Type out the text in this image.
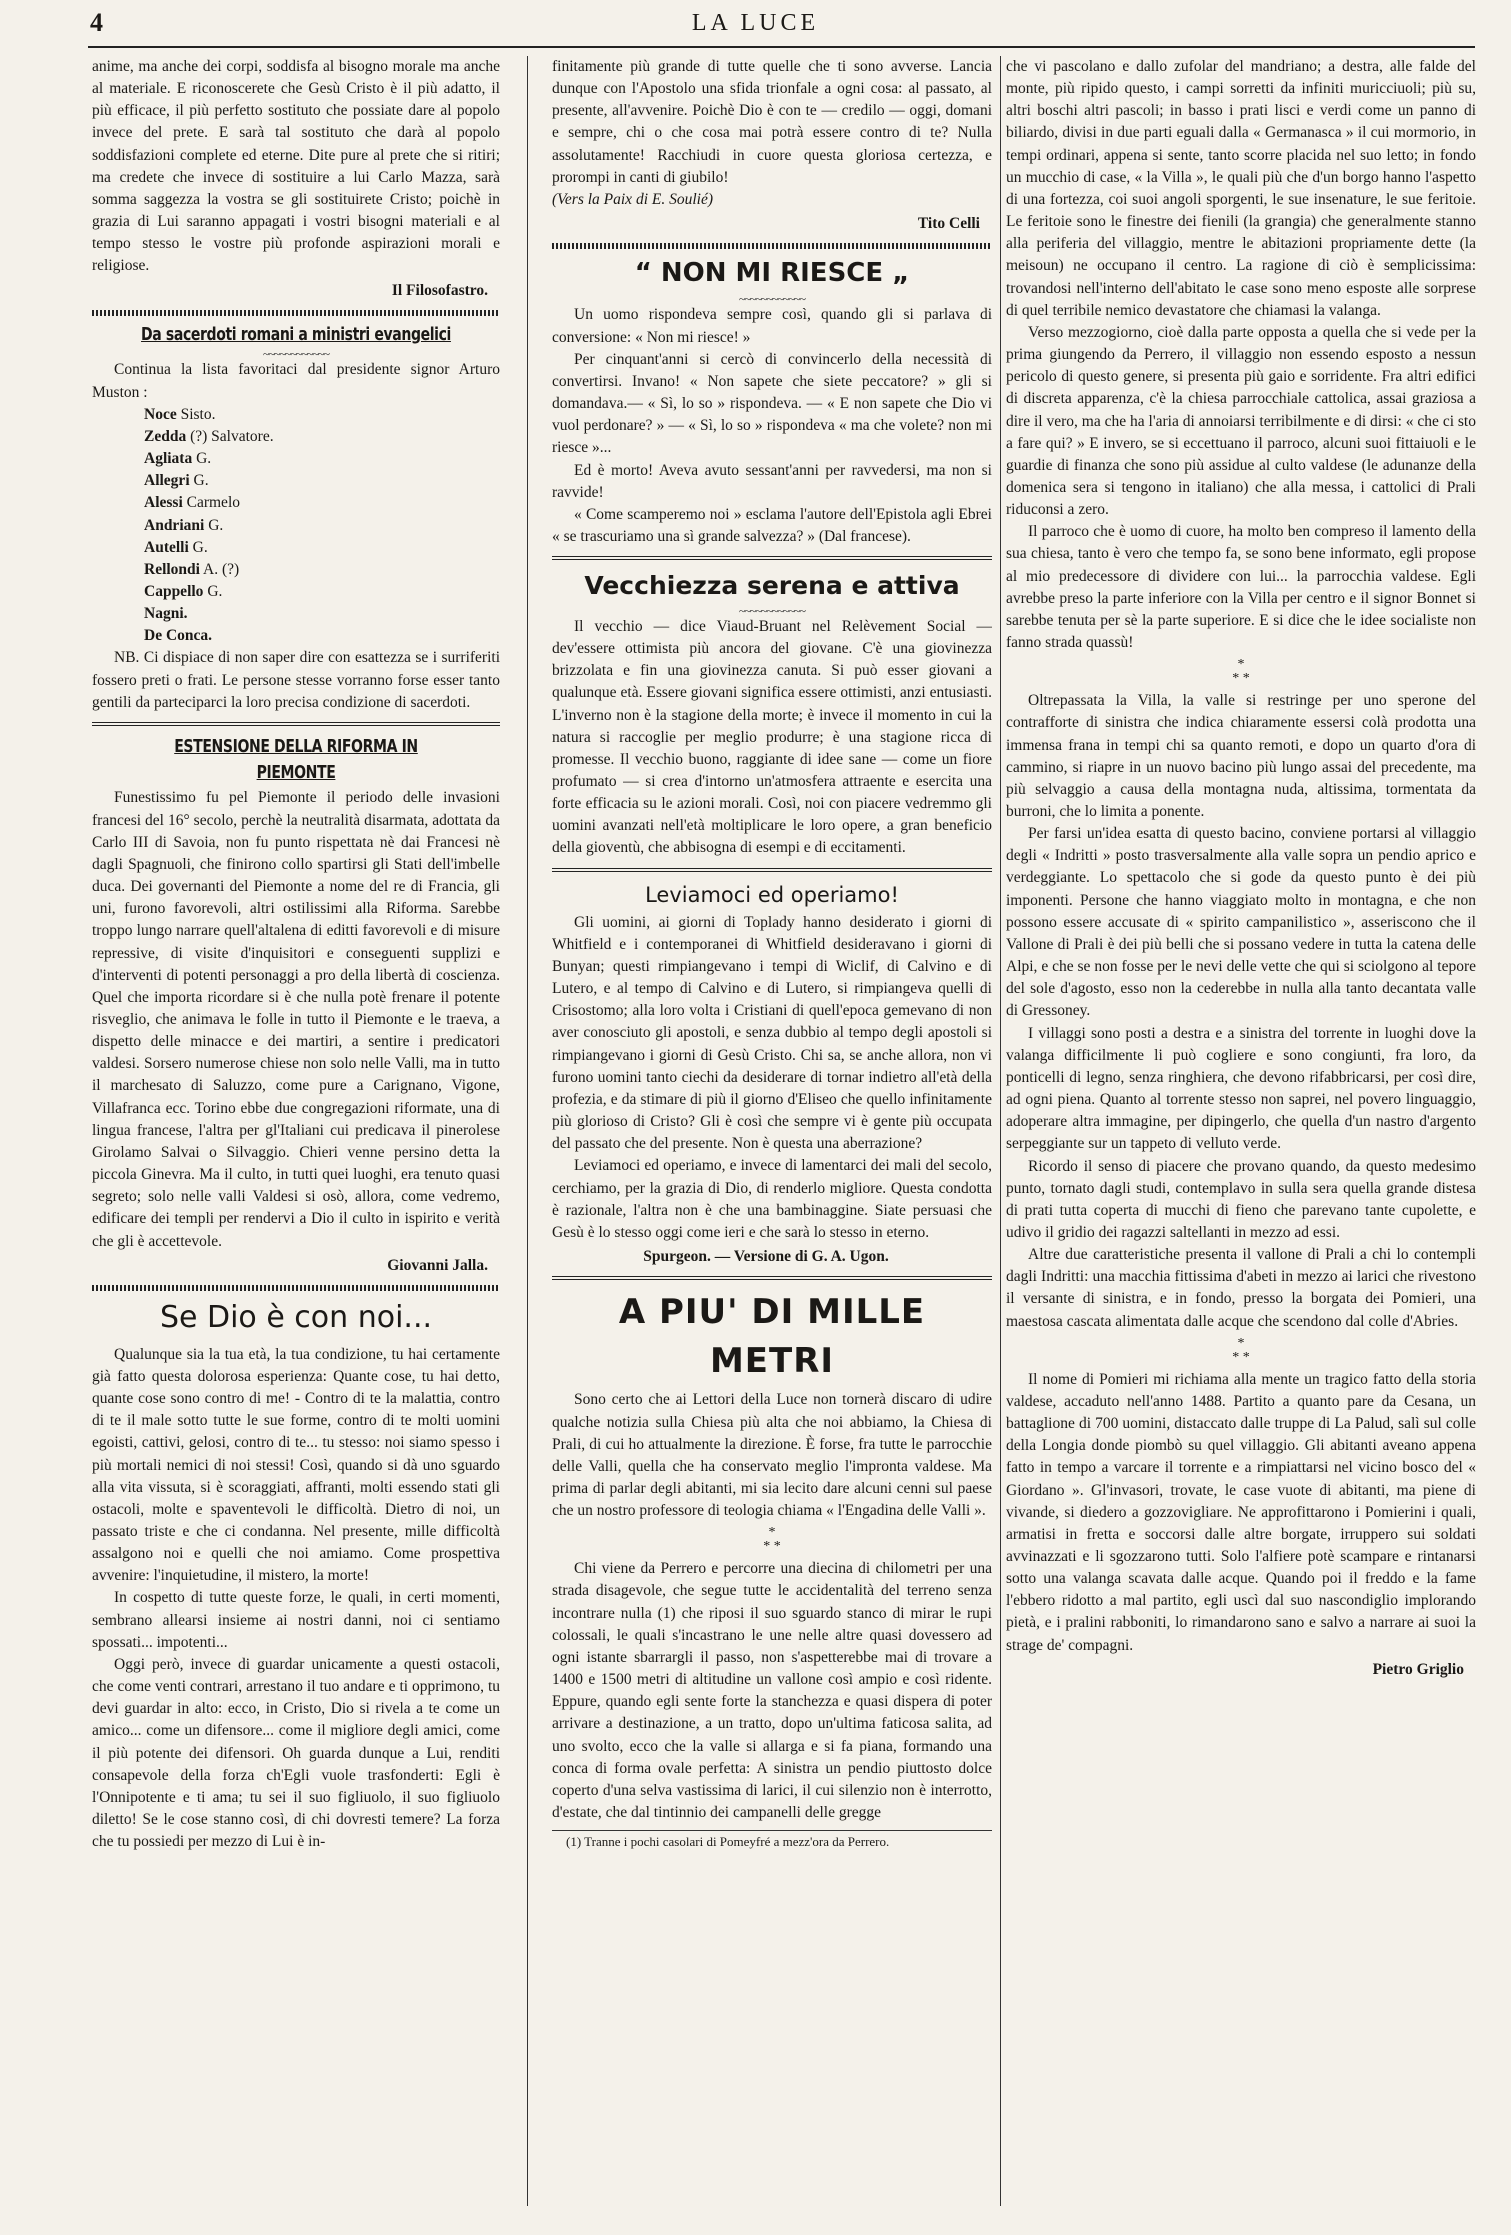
4	LA LUCE

anime, ma anche dei corpi, soddisfa al bisogno morale ma anche al materiale. E riconoscerete che Gesù Cristo è il più adatto, il più efficace, il più perfetto sostituto che possiate dare al popolo invece del prete. E sarà tal sostituto che darà al popolo soddisfazioni complete ed eterne. Dite pure al prete che si ritiri; ma credete che invece di sostituire a lui Carlo Mazza, sarà somma saggezza la vostra se gli sostituirete Cristo; poichè in grazia di Lui saranno appagati i vostri bisogni materiali e al tempo stesso le vostre più profonde aspirazioni morali e religiose.

Il Filosofastro.

Da sacerdoti romani a ministri evangelici
~~~~~~~~~~~~

Continua la lista favoritaci dal presidente signor Arturo Muston :

Noce Sisto.
Zedda (?) Salvatore.
Agliata G.
Allegri G.
Alessi Carmelo
Andriani G.
Autelli G.
Rellondi A. (?)
Cappello G.
Nagni.
De Conca.

NB. Ci dispiace di non saper dire con esattezza se i surriferiti fossero preti o frati. Le persone stesse vorranno forse esser tanto gentili da parteciparci la loro precisa condizione di sacerdoti.

ESTENSIONE DELLA RIFORMA IN PIEMONTE

Funestissimo fu pel Piemonte il periodo delle invasioni francesi del 16° secolo, perchè la neutralità disarmata, adottata da Carlo III di Savoia, non fu punto rispettata nè dai Francesi nè dagli Spagnuoli, che finirono collo spartirsi gli Stati dell'imbelle duca. Dei governanti del Piemonte a nome del re di Francia, gli uni, furono favorevoli, altri ostilissimi alla Riforma. Sarebbe troppo lungo narrare quell'altalena di editti favorevoli e di misure repressive, di visite d'inquisitori e conseguenti supplizi e d'interventi di potenti personaggi a pro della libertà di coscienza. Quel che importa ricordare si è che nulla potè frenare il potente risveglio, che animava le folle in tutto il Piemonte e le traeva, a dispetto delle minacce e dei martiri, a sentire i predicatori valdesi. Sorsero numerose chiese non solo nelle Valli, ma in tutto il marchesato di Saluzzo, come pure a Carignano, Vigone, Villafranca ecc. Torino ebbe due congregazioni riformate, una di lingua francese, l'altra per gl'Italiani cui predicava il pinerolese Girolamo Salvai o Silvaggio. Chieri venne persino detta la piccola Ginevra. Ma il culto, in tutti quei luoghi, era tenuto quasi segreto; solo nelle valli Valdesi si osò, allora, come vedremo, edificare dei templi per rendervi a Dio il culto in ispirito e verità che gli è accettevole.

Giovanni Jalla.

Se Dio è con noi...

Qualunque sia la tua età, la tua condizione, tu hai certamente già fatto questa dolorosa esperienza: Quante cose, tu hai detto, quante cose sono contro di me! - Contro di te la malattia, contro di te il male sotto tutte le sue forme, contro di te molti uomini egoisti, cattivi, gelosi, contro di te... tu stesso: noi siamo spesso i più mortali nemici di noi stessi! Così, quando si dà uno sguardo alla vita vissuta, si è scoraggiati, affranti, molti essendo stati gli ostacoli, molte e spaventevoli le difficoltà. Dietro di noi, un passato triste e che ci condanna. Nel presente, mille difficoltà assalgono noi e quelli che noi amiamo. Come prospettiva avvenire: l'inquietudine, il mistero, la morte!

In cospetto di tutte queste forze, le quali, in certi momenti, sembrano allearsi insieme ai nostri danni, noi ci sentiamo spossati... impotenti...

Oggi però, invece di guardar unicamente a questi ostacoli, che come venti contrari, arrestano il tuo andare e ti opprimono, tu devi guardar in alto: ecco, in Cristo, Dio si rivela a te come un amico... come un difensore... come il migliore degli amici, come il più potente dei difensori. Oh guarda dunque a Lui, renditi consapevole della forza ch'Egli vuole trasfonderti: Egli è l'Onnipotente e ti ama; tu sei il suo figliuolo, il suo figliuolo diletto! Se le cose stanno così, di chi dovresti temere? La forza che tu possiedi per mezzo di Lui è in-

finitamente più grande di tutte quelle che ti sono avverse. Lancia dunque con l'Apostolo una sfida trionfale a ogni cosa: al passato, al presente, all'avvenire. Poichè Dio è con te — credilo — oggi, domani e sempre, chi o che cosa mai potrà essere contro di te? Nulla assolutamente! Racchiudi in cuore questa gloriosa certezza, e prorompi in canti di giubilo!

(Vers la Paix di E. Soulié)

Tito Celli

“ NON MI RIESCE „
~~~~~~~~~~~~

Un uomo rispondeva sempre così, quando gli si parlava di conversione: « Non mi riesce! »

Per cinquant'anni si cercò di convincerlo della necessità di convertirsi. Invano! « Non sapete che siete peccatore? » gli si domandava.— « Sì, lo so » rispondeva. — « E non sapete che Dio vi vuol perdonare? » — « Sì, lo so » rispondeva « ma che volete? non mi riesce »...

Ed è morto! Aveva avuto sessant'anni per ravvedersi, ma non si ravvide!

« Come scamperemo noi » esclama l'autore dell'Epistola agli Ebrei « se trascuriamo una sì grande salvezza? » (Dal francese).

Vecchiezza serena e attiva
~~~~~~~~~~~~

Il vecchio — dice Viaud-Bruant nel Relèvement Social — dev'essere ottimista più ancora del giovane. C'è una giovinezza brizzolata e fin una giovinezza canuta. Si può esser giovani a qualunque età. Essere giovani significa essere ottimisti, anzi entusiasti. L'inverno non è la stagione della morte; è invece il momento in cui la natura si raccoglie per meglio produrre; è una stagione ricca di promesse. Il vecchio buono, raggiante di idee sane — come un fiore profumato — si crea d'intorno un'atmosfera attraente e esercita una forte efficacia su le azioni morali. Così, noi con piacere vedremmo gli uomini avanzati nell'età moltiplicare le loro opere, a gran beneficio della gioventù, che abbisogna di esempi e di eccitamenti.

Leviamoci ed operiamo!

Gli uomini, ai giorni di Toplady hanno desiderato i giorni di Whitfield e i contemporanei di Whitfield desideravano i giorni di Bunyan; questi rimpiangevano i tempi di Wiclif, di Calvino e di Lutero, e al tempo di Calvino e di Lutero, si rimpiangeva quelli di Crisostomo; alla loro volta i Cristiani di quell'epoca gemevano di non aver conosciuto gli apostoli, e senza dubbio al tempo degli apostoli si rimpiangevano i giorni di Gesù Cristo. Chi sa, se anche allora, non vi furono uomini tanto ciechi da desiderare di tornar indietro all'età della profezia, e da stimare di più il giorno d'Eliseo che quello infinitamente più glorioso di Cristo? Gli è così che sempre vi è gente più occupata del passato che del presente. Non è questa una aberrazione?

Leviamoci ed operiamo, e invece di lamentarci dei mali del secolo, cerchiamo, per la grazia di Dio, di renderlo migliore. Questa condotta è razionale, l'altra non è che una bambinaggine. Siate persuasi che Gesù è lo stesso oggi come ieri e che sarà lo stesso in eterno.

Spurgeon. — Versione di G. A. Ugon.

A PIU' DI MILLE METRI

Sono certo che ai Lettori della Luce non tornerà discaro di udire qualche notizia sulla Chiesa più alta che noi abbiamo, la Chiesa di Prali, di cui ho attualmente la direzione. È forse, fra tutte le parrocchie delle Valli, quella che ha conservato meglio l'impronta valdese. Ma prima di parlar degli abitanti, mi sia lecito dare alcuni cenni sul paese che un nostro professore di teologia chiama « l'Engadina delle Valli ».

*
* *

Chi viene da Perrero e percorre una diecina di chilometri per una strada disagevole, che segue tutte le accidentalità del terreno senza incontrare nulla (1) che riposi il suo sguardo stanco di mirar le rupi colossali, le quali s'incastrano le une nelle altre quasi dovessero ad ogni istante sbarrargli il passo, non s'aspetterebbe mai di trovare a 1400 e 1500 metri di altitudine un vallone così ampio e così ridente. Eppure, quando egli sente forte la stanchezza e quasi dispera di poter arrivare a destinazione, a un tratto, dopo un'ultima faticosa salita, ad uno svolto, ecco che la valle si allarga e si fa piana, formando una conca di forma ovale perfetta: A sinistra un pendio piuttosto dolce coperto d'una selva vastissima di larici, il cui silenzio non è interrotto, d'estate, che dal tintinnio dei campanelli delle greggе

(1) Tranne i pochi casolari di Pomeyfré a mezz'ora da Perrero.

che vi pascolano e dallo zufolar del mandriano; a destra, alle falde del monte, più ripido questo, i campi sorretti da infiniti muricciuoli; più su, altri boschi altri pascoli; in basso i prati lisci e verdi come un panno di biliardo, divisi in due parti eguali dalla « Germanasca » il cui mormorio, in tempi ordinari, appena si sente, tanto scorre placida nel suo letto; in fondo un mucchio di case, « la Villa », le quali più che d'un borgo hanno l'aspetto di una fortezza, coi suoi angoli sporgenti, le sue insenature, le sue feritoie. Le feritoie sono le finestre dei fienili (la grangia) che generalmente stanno alla periferia del villaggio, mentre le abitazioni propriamente dette (la meisoun) ne occupano il centro. La ragione di ciò è semplicissima: trovandosi nell'interno dell'abitato le case sono meno esposte alle sorprese di quel terribile nemico devastatore che chiamasi la valanga.

Verso mezzogiorno, cioè dalla parte opposta a quella che si vede per la prima giungendo da Perrero, il villaggio non essendo esposto a nessun pericolo di questo genere, si presenta più gaio e sorridente. Fra altri edifici di discreta apparenza, c'è la chiesa parrocchiale cattolica, assai graziosa a dire il vero, ma che ha l'aria di annoiarsi terribilmente e di dirsi: « che ci sto a fare qui? » E invero, se si eccettuano il parroco, alcuni suoi fittaiuoli e le guardie di finanza che sono più assidue al culto valdese (le adunanze della domenica sera si tengono in italiano) che alla messa, i cattolici di Prali riduconsi a zero.

Il parroco che è uomo di cuore, ha molto ben compreso il lamento della sua chiesa, tanto è vero che tempo fa, se sono bene informato, egli propose al mio predecessore di dividere con lui... la parrocchia valdese. Egli avrebbe preso la parte inferiore con la Villa per centro e il signor Bonnet si sarebbe tenuta per sè la parte superiore. E si dice che le idee socialiste non fanno strada quassù!

*
* *

Oltrepassata la Villa, la valle si restringe per uno sperone del contrafforte di sinistra che indica chiaramente essersi colà prodotta una immensa frana in tempi chi sa quanto remoti, e dopo un quarto d'ora di cammino, si riapre in un nuovo bacino più lungo assai del precedente, ma più selvaggio a causa della montagna nuda, altissima, tormentata da burroni, che lo limita a ponente.

Per farsi un'idea esatta di questo bacino, conviene portarsi al villaggio degli « Indritti » posto trasversalmente alla valle sopra un pendio aprico e verdeggiante. Lo spettacolo che si gode da questo punto è dei più imponenti. Persone che hanno viaggiato molto in montagna, e che non possono essere accusate di « spirito campanilistico », asseriscono che il Vallone di Prali è dei più belli che si possano vedere in tutta la catena delle Alpi, e che se non fosse per le nevi delle vette che qui si sciolgono al tepore del sole d'agosto, esso non la cederebbe in nulla alla tanto decantata valle di Gressoney.

I villaggi sono posti a destra e a sinistra del torrente in luoghi dove la valanga difficilmente li può cogliere e sono congiunti, fra loro, da ponticelli di legno, senza ringhiera, che devono rifabbricarsi, per così dire, ad ogni piena. Quanto al torrente stesso non saprei, nel povero linguaggio, adoperare altra immagine, per dipingerlo, che quella d'un nastro d'argento serpeggiante sur un tappeto di velluto verde.

Ricordo il senso di piacere che provano quando, da questo medesimo punto, tornato dagli studi, contemplavo in sulla sera quella grande distesa di prati tutta coperta di mucchi di fieno che parevano tante cupolette, e udivo il gridio dei ragazzi saltellanti in mezzo ad essi.

Altre due caratteristiche presenta il vallone di Prali a chi lo contempli dagli Indritti: una macchia fittissima d'abeti in mezzo ai larici che rivestono il versante di sinistra, e in fondo, presso la borgata dei Pomieri, una maestosa cascata alimentata dalle acque che scendono dal colle d'Abries.

*
* *

Il nome di Pomieri mi richiama alla mente un tragico fatto della storia valdese, accaduto nell'anno 1488. Partito a quanto pare da Cesana, un battaglione di 700 uomini, distaccato dalle truppe di La Palud, salì sul colle della Longia donde piombò su quel villaggio. Gli abitanti aveano appena fatto in tempo a varcare il torrente e a rimpiattarsi nel vicino bosco del « Giordano ». Gl'invasori, trovate, le case vuote di abitanti, ma piene di vivande, si diedero a gozzovigliare. Ne approfittarono i Pomierini i quali, armatisi in fretta e soccorsi dalle altre borgate, irruppero sui soldati avvinazzati e li sgozzarono tutti. Solo l'alfiere potè scampare e rintanarsi sotto una valanga scavata dalle acque. Quando poi il freddo e la fame l'ebbero ridotto a mal partito, egli uscì dal suo nascondiglio implorando pietà, e i pralini rabboniti, lo rimandarono sano e salvo a narrare ai suoi la strage de' compagni.

Pietro Griglio
